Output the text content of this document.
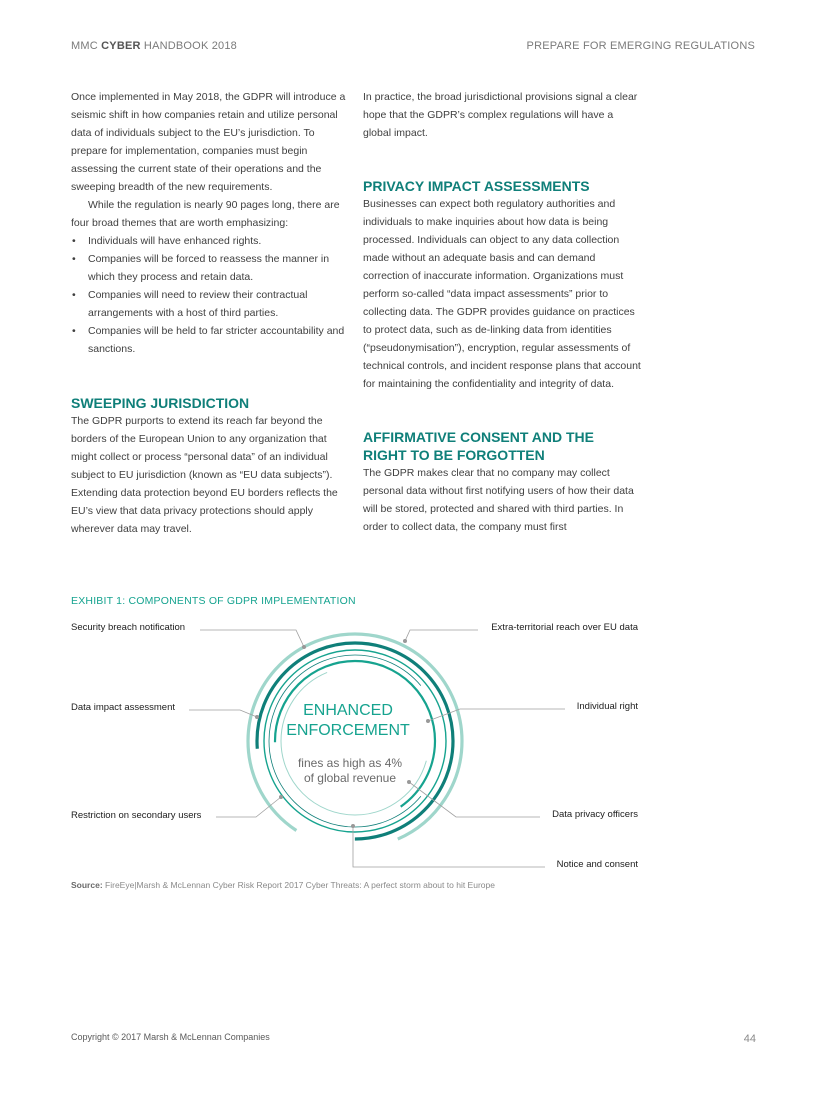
MMC CYBER HANDBOOK 2018	PREPARE FOR EMERGING REGULATIONS

Once implemented in May 2018, the GDPR will introduce a seismic shift in how companies retain and utilize personal data of individuals subject to the EU’s jurisdiction. To prepare for implementation, companies must begin assessing the current state of their operations and the sweeping breadth of the new requirements.

While the regulation is nearly 90 pages long, there are four broad themes that are worth emphasizing:

• Individuals will have enhanced rights.
• Companies will be forced to reassess the manner in which they process and retain data.
• Companies will need to review their contractual arrangements with a host of third parties.
• Companies will be held to far stricter accountability and sanctions.
SWEEPING JURISDICTION

The GDPR purports to extend its reach far beyond the borders of the European Union to any organization that might collect or process “personal data” of an individual subject to EU jurisdiction (known as “EU data subjects”). Extending data protection beyond EU borders reflects the EU’s view that data privacy protections should apply wherever data may travel.

In practice, the broad jurisdictional provisions signal a clear hope that the GDPR’s complex regulations will have a global impact.

PRIVACY IMPACT ASSESSMENTS

Businesses can expect both regulatory authorities and individuals to make inquiries about how data is being processed. Individuals can object to any data collection made without an adequate basis and can demand correction of inaccurate information. Organizations must perform so-called “data impact assessments” prior to collecting data. The GDPR provides guidance on practices to protect data, such as de-linking data from identities (“pseudonymisation”), encryption, regular assessments of technical controls, and incident response plans that account for maintaining the confidentiality and integrity of data.

AFFIRMATIVE CONSENT AND THE
RIGHT TO BE FORGOTTEN

The GDPR makes clear that no company may collect personal data without first notifying users of how their data will be stored, protected and shared with third parties. In order to collect data, the company must first

EXHIBIT 1: COMPONENTS OF GDPR IMPLEMENTATION
ENHANCED
ENFORCEMENT
fines as high as 4%
of global revenue
Security breach notification	Extra-territorial reach over EU data
Data impact assessment	Individual right
Restriction on secondary users	Data privacy officers
Notice and consent
Source: FireEye|Marsh & McLennan Cyber Risk Report 2017 Cyber Threats: A perfect storm about to hit Europe
Copyright © 2017 Marsh & McLennan Companies	44
